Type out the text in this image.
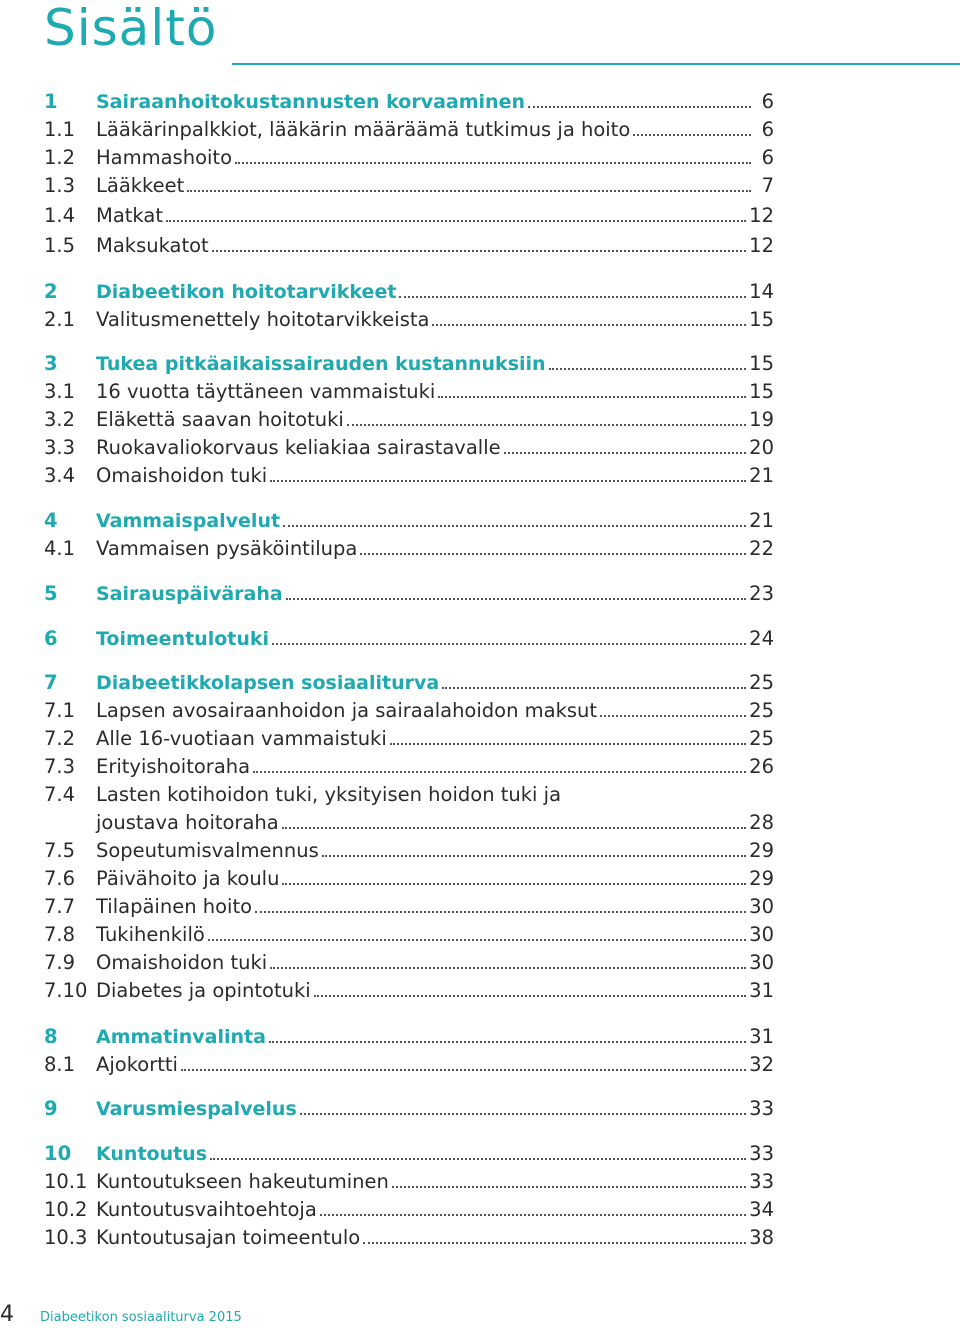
Sisältö
1	Sairaanhoitokustannusten korvaaminen	6
1.1	Lääkärinpalkkiot, lääkärin määräämä tutkimus ja hoito	6
1.2	Hammashoito	6
1.3	Lääkkeet	7
1.4	Matkat	12
1.5	Maksukatot	12
2	Diabeetikon hoitotarvikkeet	14
2.1	Valitusmenettely hoitotarvikkeista	15
3	Tukea pitkäaikaissairauden kustannuksiin	15
3.1	16 vuotta täyttäneen vammaistuki	15
3.2	Eläkettä saavan hoitotuki	19
3.3	Ruokavaliokorvaus keliakiaa sairastavalle	20
3.4	Omaishoidon tuki	21
4	Vammaispalvelut	21
4.1	Vammaisen pysäköintilupa	22
5	Sairauspäiväraha	23
6	Toimeentulotuki	24
7	Diabeetikkolapsen sosiaaliturva	25
7.1	Lapsen avosairaanhoidon ja sairaalahoidon maksut	25
7.2	Alle 16-vuotiaan vammaistuki	25
7.3	Erityishoitoraha	26
7.4	Lasten kotihoidon tuki, yksityisen hoidon tuki ja
joustava hoitoraha	28
7.5	Sopeutumisvalmennus	29
7.6	Päivähoito ja koulu	29
7.7	Tilapäinen hoito	30
7.8	Tukihenkilö	30
7.9	Omaishoidon tuki	30
7.10 Diabetes ja opintotuki	31
8	Ammatinvalinta	31
8.1	Ajokortti	32
9	Varusmiespalvelus	33
10	Kuntoutus	33
10.1 Kuntoutukseen hakeutuminen	33
10.2 Kuntoutusvaihtoehtoja	34
10.3 Kuntoutusajan toimeentulo	38
4 Diabeetikon sosiaaliturva 2015
